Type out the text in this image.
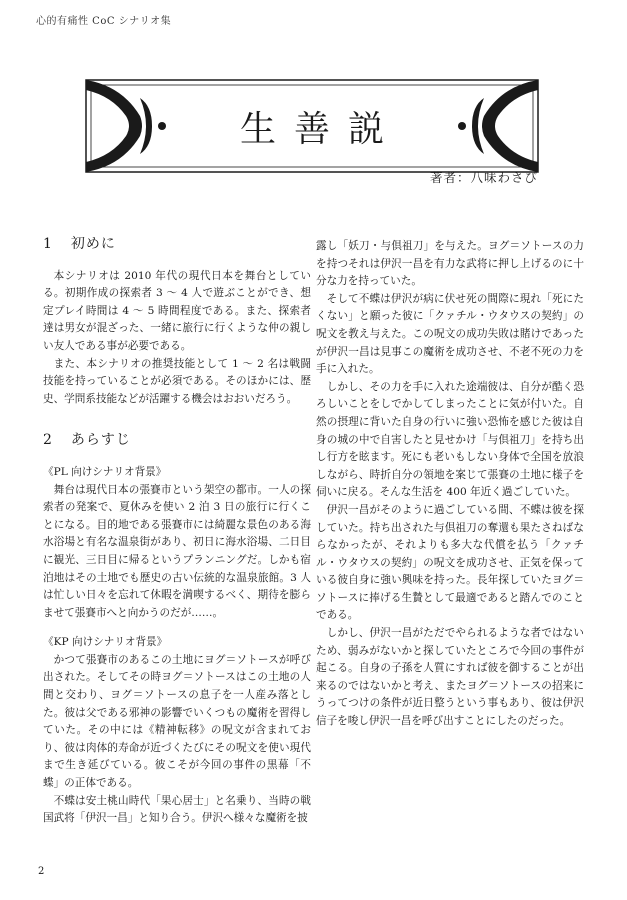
心的有痛性 CoC シナリオ集
生善説
著者：八味わさび
1 初めに

本シナリオは 2010 年代の現代日本を舞台としている。初期作成の探索者 3 ～ 4 人で遊ぶことができ、想定プレイ時間は 4 ～ 5 時間程度である。また、探索者達は男女が混ざった、一緒に旅行に行くような仲の親しい友人である事が必要である。

また、本シナリオの推奨技能として 1 ～ 2 名は戦闘技能を持っていることが必須である。そのほかには、歴史、学問系技能などが活躍する機会はおおいだろう。

2 あらすじ
《PL 向けシナリオ背景》

舞台は現代日本の張賽市という架空の都市。一人の探索者の発案で、夏休みを使い 2 泊 3 日の旅行に行くことになる。目的地である張賽市には綺麗な景色のある海水浴場と有名な温泉街があり、初日に海水浴場、二日目に観光、三日目に帰るというプランニングだ。しかも宿泊地はその土地でも歴史の古い伝統的な温泉旅館。3 人は忙しい日々を忘れて休暇を満喫するべく、期待を膨らませて張賽市へと向かうのだが……。

《KP 向けシナリオ背景》

かつて張賽市のあるこの土地にヨグ＝ソトースが呼び出された。そしてその時ヨグ＝ソトースはこの土地の人間と交わり、ヨグ＝ソトースの息子を一人産み落とした。彼は父である邪神の影響でいくつもの魔術を習得していた。その中には《精神転移》の呪文が含まれており、彼は肉体的寿命が近づくたびにその呪文を使い現代まで生き延びている。彼こそが今回の事件の黒幕「不蝶」の正体である。

不蝶は安土桃山時代「果心居士」と名乗り、当時の戦国武将「伊沢一昌」と知り合う。伊沢へ様々な魔術を披

露し「妖刀・与倶祖刀」を与えた。ヨグ＝ソトースの力を持つそれは伊沢一昌を有力な武将に押し上げるのに十分な力を持っていた。

そして不蝶は伊沢が病に伏せ死の間際に現れ「死にたくない」と願った彼に「クァチル・ウタウスの契約」の呪文を教え与えた。この呪文の成功失敗は賭けであったが伊沢一昌は見事この魔術を成功させ、不老不死の力を手に入れた。

しかし、その力を手に入れた途端彼は、自分が酷く恐ろしいことをしでかしてしまったことに気が付いた。自然の摂理に背いた自身の行いに強い恐怖を感じた彼は自身の城の中で自害したと見せかけ「与倶祖刀」を持ち出し行方を眩ます。死にも老いもしない身体で全国を放浪しながら、時折自分の領地を案じて張賽の土地に様子を伺いに戻る。そんな生活を 400 年近く過ごしていた。

伊沢一昌がそのように過ごしている間、不蝶は彼を探していた。持ち出された与倶祖刀の奪還も果たさねばならなかったが、それよりも多大な代償を払う「クァチル・ウタウスの契約」の呪文を成功させ、正気を保っている彼自身に強い興味を持った。長年探していたヨグ＝ソトースに捧げる生贄として最適であると踏んでのことである。

しかし、伊沢一昌がただでやられるような者ではないため、弱みがないかと探していたところで今回の事件が起こる。自身の子孫を人質にすれば彼を御することが出来るのではないかと考え、またヨグ＝ソトースの招来にうってつけの条件が近日整うという事もあり、彼は伊沢信子を唆し伊沢一昌を呼び出すことにしたのだった。

2
